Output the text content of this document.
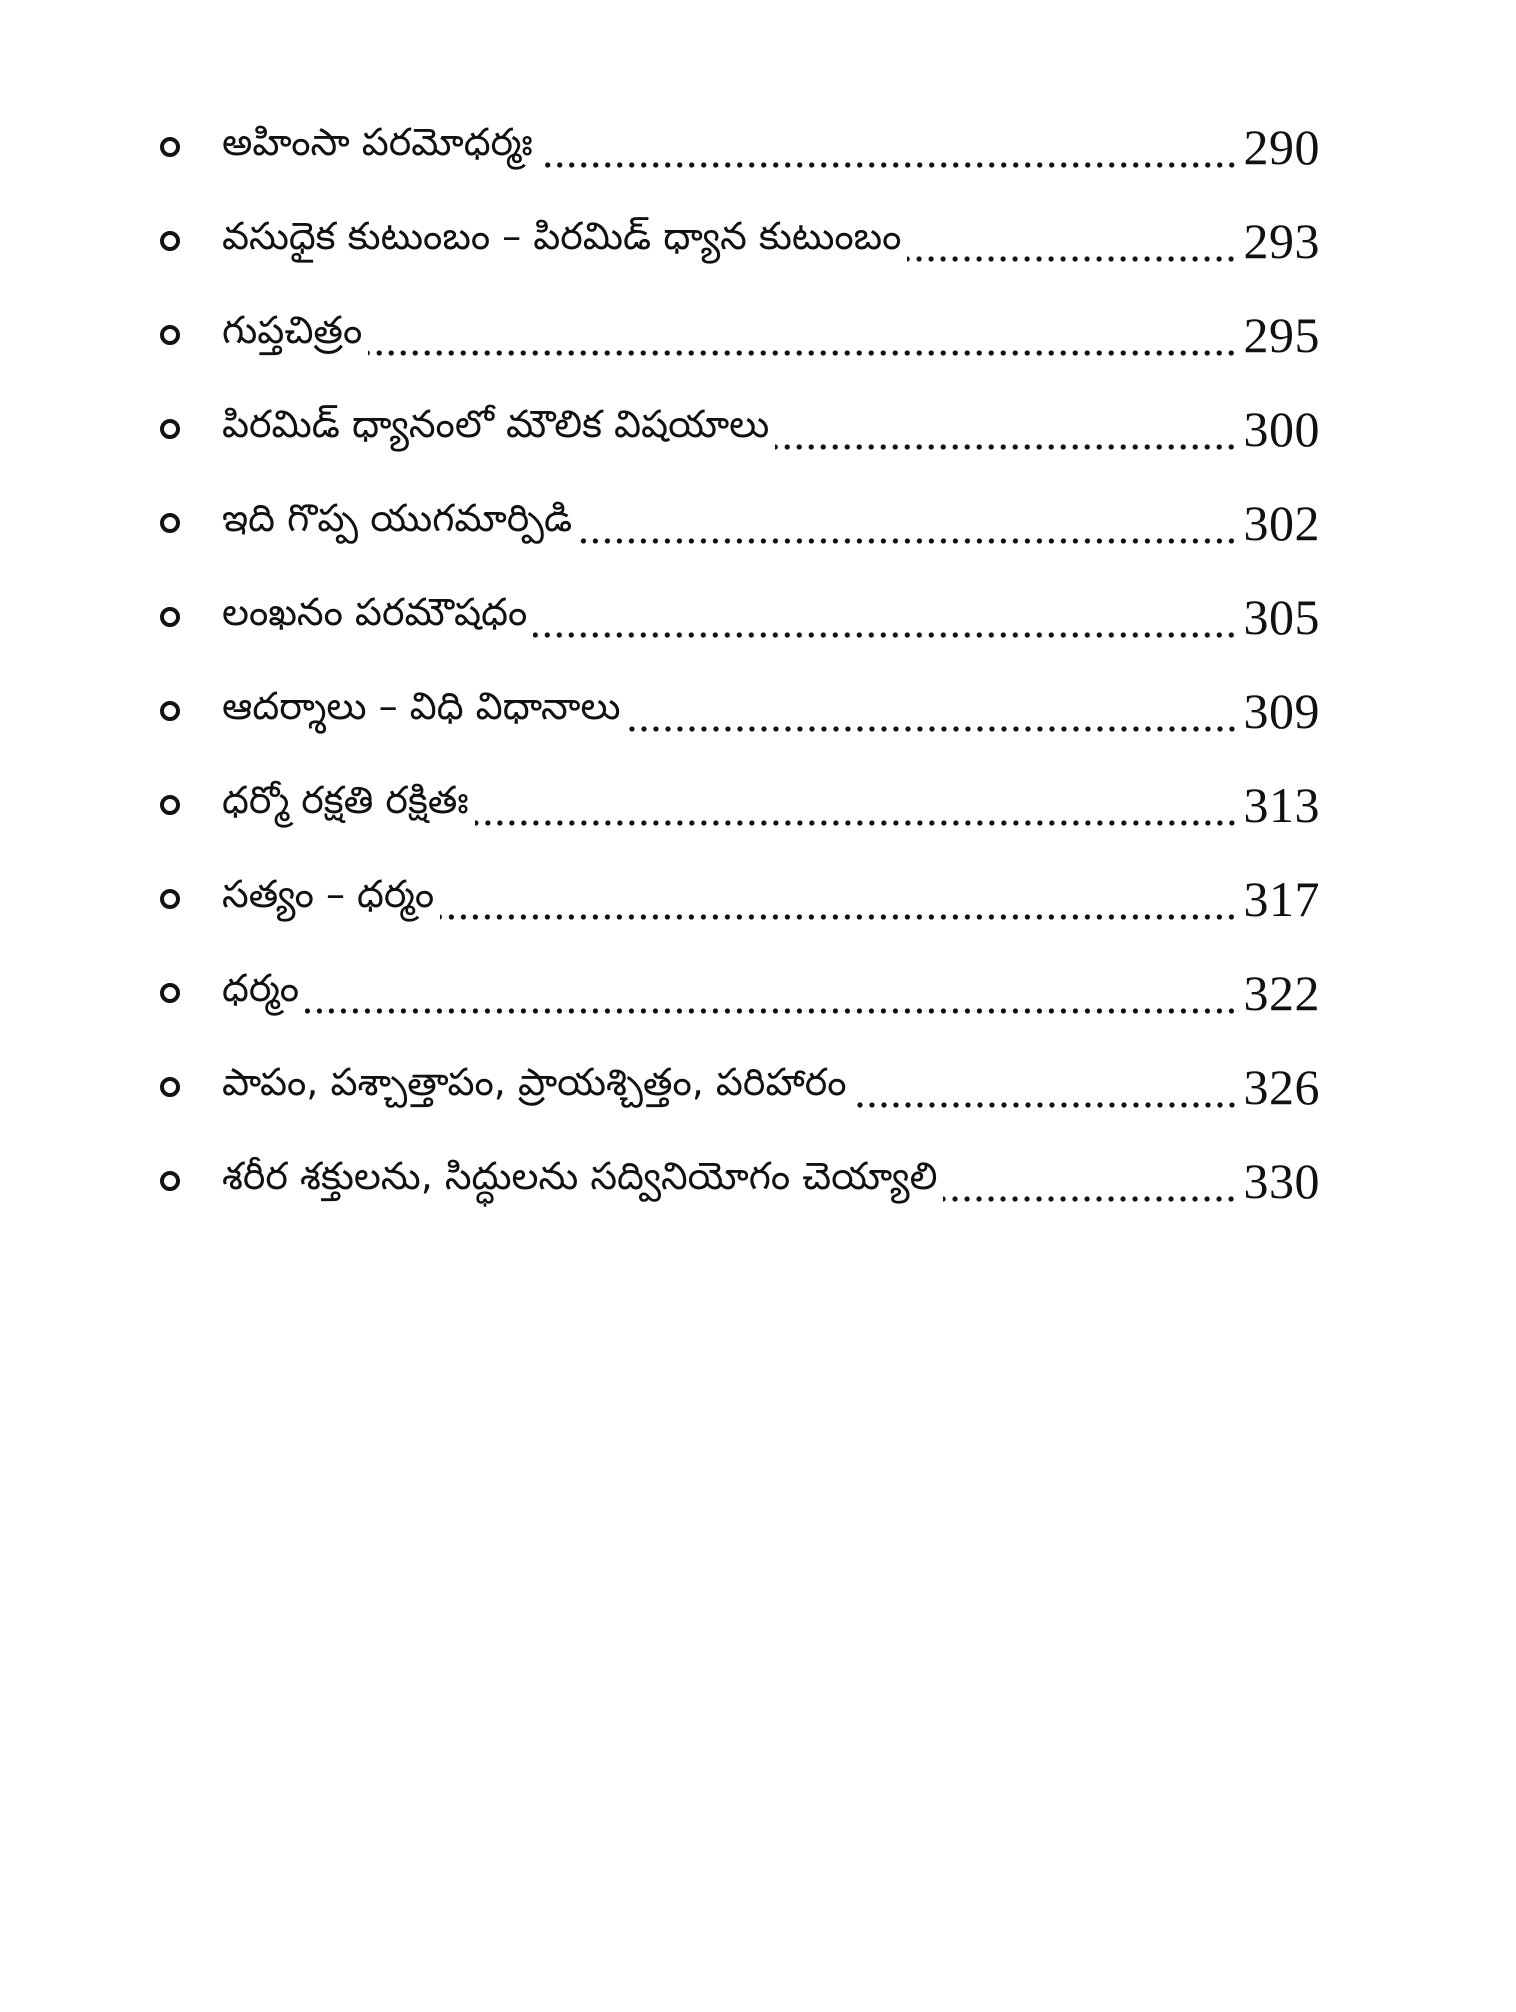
అహింసా పరమోధర్మః	290
వసుధైక కుటుంబం – పిరమిడ్ ధ్యాన కుటుంబం	293
గుప్తచిత్రం	295
పిరమిడ్ ధ్యానంలో మౌలిక విషయాలు	300
ఇది గొప్ప యుగమార్పిడి	302
లంఖనం పరమౌషధం	305
ఆదర్శాలు – విధి విధానాలు	309
ధర్మో రక్షతి రక్షితః	313
సత్యం – ధర్మం	317
ధర్మం	322
పాపం, పశ్చాత్తాపం, ప్రాయశ్చిత్తం, పరిహారం	326
శరీర శక్తులను, సిద్ధులను సద్వినియోగం చెయ్యాలి	330
